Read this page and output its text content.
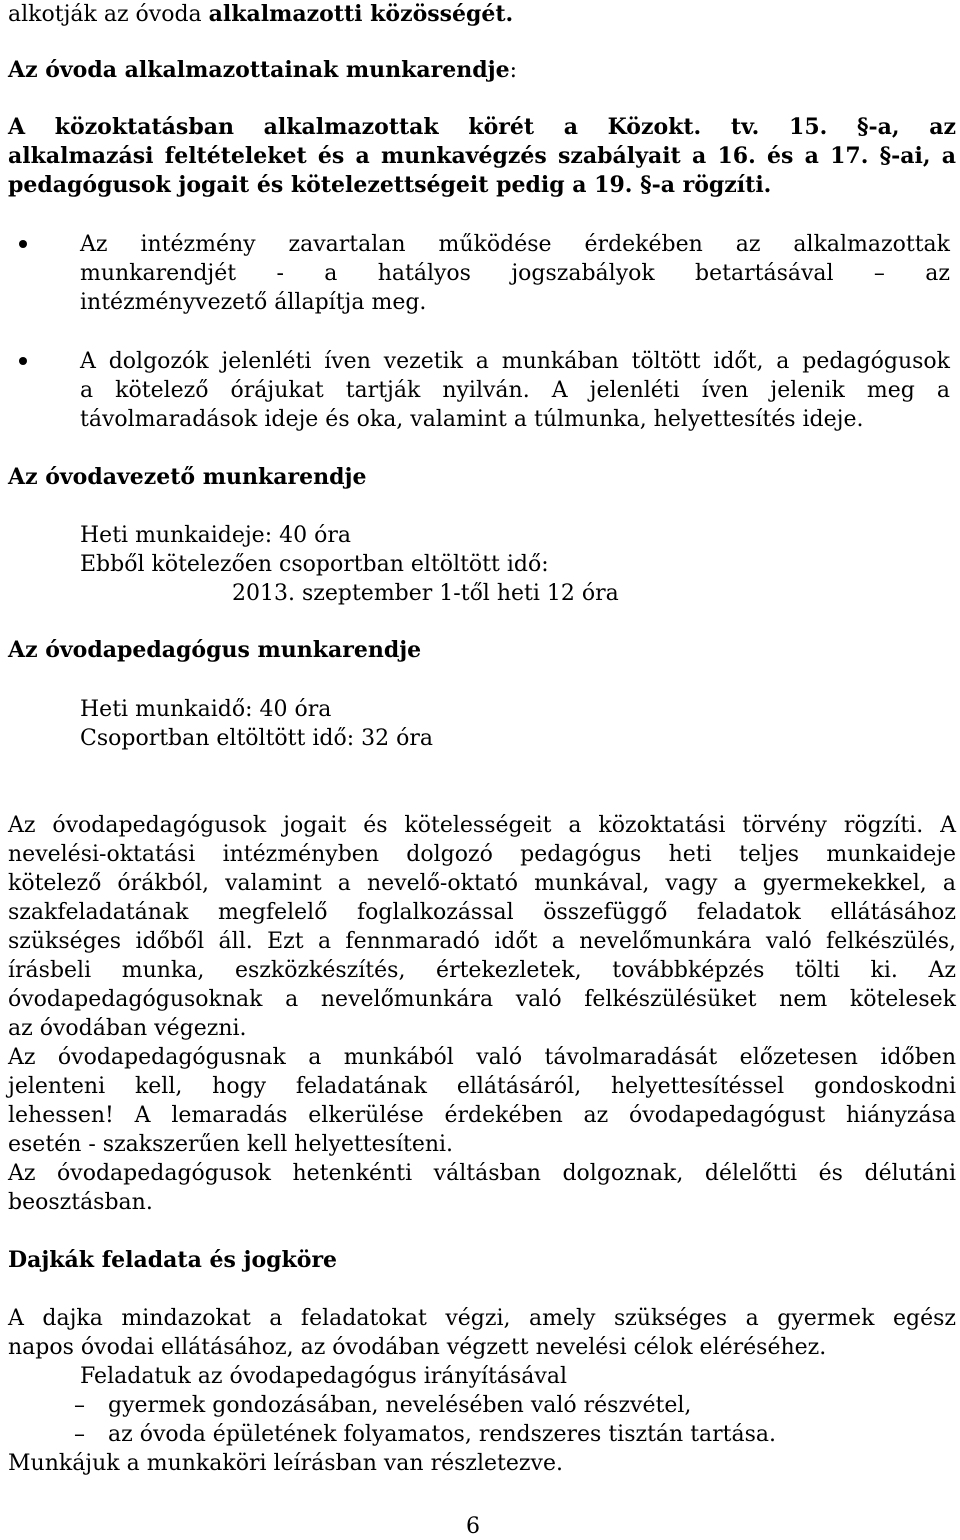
alkotják az óvoda alkalmazotti közösségét.
Az óvoda alkalmazottainak munkarendje:
A közoktatásban alkalmazottak körét a Közokt. tv. 15. §-a, az
alkalmazási feltételeket és a munkavégzés szabályait a 16. és a 17. §-ai, a
pedagógusok jogait és kötelezettségeit pedig a 19. §-a rögzíti.
Az intézmény zavartalan működése érdekében az alkalmazottak
munkarendjét - a hatályos jogszabályok betartásával – az
intézményvezető állapítja meg.
A dolgozók jelenléti íven vezetik a munkában töltött időt, a pedagógusok
a kötelező órájukat tartják nyilván. A jelenléti íven jelenik meg a
távolmaradások ideje és oka, valamint a túlmunka, helyettesítés ideje.
Az óvodavezető munkarendje
Heti munkaideje: 40 óra
Ebből kötelezően csoportban eltöltött idő:
2013. szeptember 1-től heti 12 óra
Az óvodapedagógus munkarendje
Heti munkaidő: 40 óra
Csoportban eltöltött idő: 32 óra
Az óvodapedagógusok jogait és kötelességeit a közoktatási törvény rögzíti. A
nevelési-oktatási intézményben dolgozó pedagógus heti teljes munkaideje
kötelező órákból, valamint a nevelő-oktató munkával, vagy a gyermekekkel, a
szakfeladatának megfelelő foglalkozással összefüggő feladatok ellátásához
szükséges időből áll. Ezt a fennmaradó időt a nevelőmunkára való felkészülés,
írásbeli munka, eszközkészítés, értekezletek, továbbképzés tölti ki. Az
óvodapedagógusoknak a nevelőmunkára való felkészülésüket nem kötelesek
az óvodában végezni.
Az óvodapedagógusnak a munkából való távolmaradását előzetesen időben
jelenteni kell, hogy feladatának ellátásáról, helyettesítéssel gondoskodni
lehessen! A lemaradás elkerülése érdekében az óvodapedagógust hiányzása
esetén - szakszerűen kell helyettesíteni.
Az óvodapedagógusok hetenkénti váltásban dolgoznak, délelőtti és délutáni
beosztásban.
Dajkák feladata és jogköre
A dajka mindazokat a feladatokat végzi, amely szükséges a gyermek egész
napos óvodai ellátásához, az óvodában végzett nevelési célok eléréséhez.
Feladatuk az óvodapedagógus irányításával
– gyermek gondozásában, nevelésében való részvétel,
– az óvoda épületének folyamatos, rendszeres tisztán tartása.
Munkájuk a munkaköri leírásban van részletezve.
6
